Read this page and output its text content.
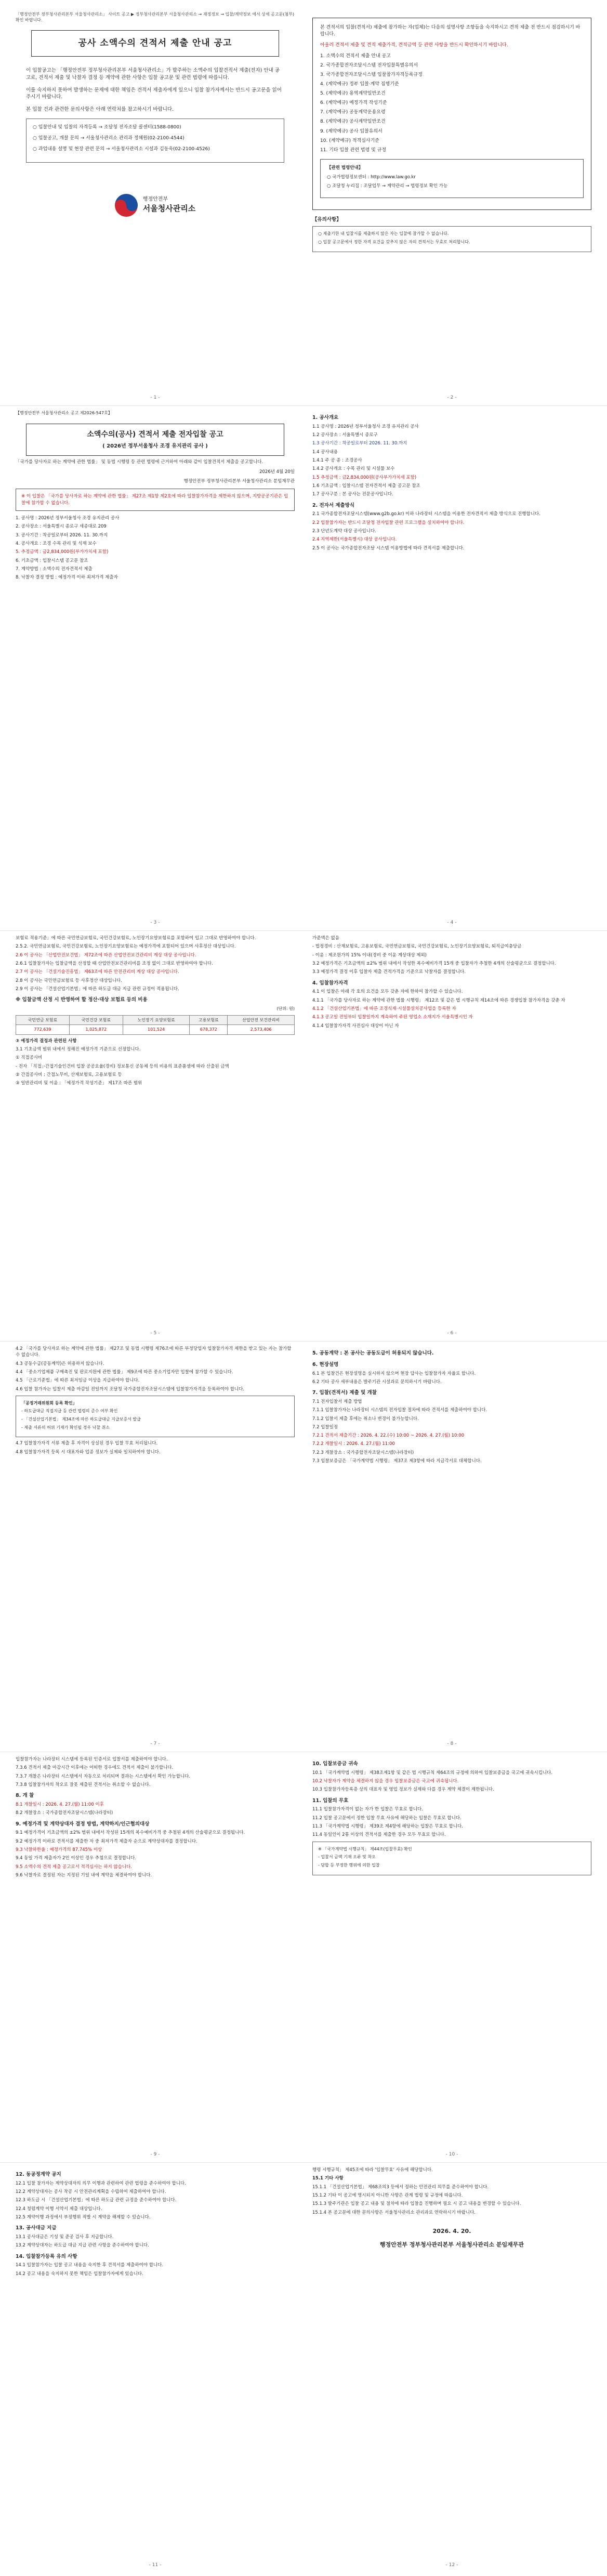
「행정안전부 정부청사관리본부 서울청사관리소」 사이트 공고 ▶ 정부청사관리본부 서울청사관리소 → 재정정보 → 입찰/계약정보 에서 상세 공고문(첨부) 확인 바랍니다.
공사 소액수의 견적서 제출 안내 공고

이 입찰공고는 「행정안전부 정부청사관리본부 서울청사관리소」가 발주하는 소액수의 입찰견적서 제출(전자) 안내 공고로, 견적서 제출 및 낙찰자 결정 등 계약에 관한 사항은 입찰 공고문 및 관련 법령에 따릅니다.

이를 숙지하지 못하여 발생하는 문제에 대한 책임은 견적서 제출자에게 있으니 입찰 참가자께서는 반드시 공고문을 읽어 주시기 바랍니다.

본 입찰 건과 관련한 문의사항은 아래 연락처를 참고하시기 바랍니다.

○ 입찰안내 및 입찰의 자격등록 → 조달청 전자조달 콜센터(1588-0800)
○ 입찰공고, 개찰 문의 → 서울청사관리소 관리과 정혜원(02-2100-4544)
○ 과업내용 설명 및 현장 관련 문의 → 서울청사관리소 시설과 김동욱(02-2100-4526)
행정안전부
서울청사관리소
- 1 -

본 견적서의 입찰(견적서) 제출에 참가하는 자(업체)는 다음의 설명사항 조항들을 숙지하시고 견적 제출 전 반드시 점검하시기 바랍니다.

아울러 견적서 제출 및 견적 제출가격, 견적금액 등 관련 사항을 반드시 확인하시기 바랍니다.

1. 소액수의 견적서 제출 안내 공고
2. 국가종합전자조달시스템 전자입찰특별유의서
3. 국가종합전자조달시스템 입찰참가자격등록규정
4. (계약예규) 정부 입찰·계약 집행기준
5. (계약예규) 용역계약일반조건
6. (계약예규) 예정가격 작성기준
7. (계약예규) 공동계약운용요령
8. (계약예규) 공사계약일반조건
9. (계약예규) 공사 입찰유의서
10. (계약예규) 적격심사기준
11. 기타 입찰 관련 법령 및 규정
【관련 법령안내】

○ 국가법령정보센터 : http://www.law.go.kr

○ 조달청 누리집 : 조달업무 → 계약관리 → 법령정보 확인 가능

【유의사항】

○ 제출기한 내 입찰서를 제출하지 않은 자는 입찰에 참가할 수 없습니다.

○ 입찰 공고문에서 정한 자격 요건을 갖추지 않은 자의 견적서는 무효로 처리합니다.

- 2 -
【행정안전부 서울청사관리소 공고 제2026-547호】
소액수의(공사) 견적서 제출 전자입찰 공고
( 2026년 정부서울청사 조경 유지관리 공사 )

「국가를 당사자로 하는 계약에 관한 법률」 및 동법 시행령 등 관련 법령에 근거하여 아래와 같이 입찰견적서 제출을 공고합니다.

2026년 4월 20일

행정안전부 정부청사관리본부 서울청사관리소 분임재무관

※ 이 입찰은 「국가를 당사자로 하는 계약에 관한 법률」 제27조 제1항 제2호에 따라 입찰참가자격을 제한하지 않으며, 지방공공기관은 입찰에 참가할 수 없습니다.

1. 공사명 : 2026년 정부서울청사 조경 유지관리 공사

2. 공사장소 : 서울특별시 종로구 세종대로 209

3. 공사기간 : 착공일로부터 2026. 11. 30.까지

4. 공사개요 : 조경 수목 관리 및 식재 보수

5. 추정금액 : 금2,834,000원(부가가치세 포함)

6. 기초금액 : 입찰시스템 공고문 참조

7. 계약방법 : 소액수의 전자견적서 제출

8. 낙찰자 결정 방법 : 예정가격 이하 최저가격 제출자

- 3 -
1. 공사개요

1.1 공사명 : 2026년 정부서울청사 조경 유지관리 공사

1.2 공사장소 : 서울특별시 종로구

1.3 공사기간 : 착공일로부터 2026. 11. 30.까지

1.4 공사내용

1.4.1 주 공 종 : 조경공사

1.4.2 공사개요 : 수목 관리 및 시설물 보수

1.5 추정금액 : 금2,834,000원(공사부가가치세 포함)

1.6 기초금액 : 입찰시스템 전자견적서 제출 공고문 참조

1.7 공사구분 : 본 공사는 전문공사입니다.

2. 전자서 제출방식

2.1 국가종합전자조달시스템(www.g2b.go.kr) 이하 나라장터 시스템을 이용한 전자견적서 제출 방식으로 진행합니다.

2.2 입찰참가자는 반드시 조달청 전자입찰 관련 프로그램을 설치하여야 합니다.

2.3 단년도계약 대상 공사입니다.

2.4 지역제한(서울특별시) 대상 공사입니다.

2.5 이 공사는 국가종합전자조달 시스템 이용방법에 따라 견적서를 제출합니다.

- 4 -

보험료 적용기준」에 따른 국민연금보험료, 국민건강보험료, 노인장기요양보험료를 포함하여 입고 그대로 반영하여야 합니다.

2.5.2. 국민연금보험료, 국민건강보험료, 노인장기요양보험료는 예정가격에 포함되어 있으며 사후정산 대상입니다.

2.6 이 공사는 「산업안전보건법」 제72조에 따른 산업안전보건관리비 계상 대상 공사입니다.

2.6.1 입찰참가자는 입찰금액을 산정할 때 산업안전보건관리비를 조정 없이 그대로 반영하여야 합니다.

2.7 이 공사는 「건설기술진흥법」 제63조에 따른 안전관리비 계상 대상 공사입니다.

2.8 이 공사는 국민연금보험료 등 사후정산 대상입니다.

2.9 이 공사는 「건설산업기본법」에 따른 하도급 대금 지급 관련 규정이 적용됩니다.

※ 입찰금액 산정 시 반영하여 할 정산·대상 보험료 등의 비용
(단위: 원)
국민연금 보험료	국민건강 보험료	노인장기 요양보험료	고용보험료	산업안전 보건관리비
772,639	1,025,872	101,524	678,372	2,573,406

③ 예정가격 결정과 관련된 사항

3.1 기초금액 범위 내에서 정해진 예정가격 기준으로 선정합니다.

① 직접공사비

- 전자 「직접」·간접기술인건비 입찰 공공요율(경비) 정보통신 공동체 등의 비용의 표준품셈에 따라 산출된 금액

② 간접공사비 : 간접노무비, 산재보험료, 고용보험료 등

③ 일반관리비 및 이윤 : 「예정가격 작성기준」 제17조 따른 범위

- 5 -

가준액은 없음

- 법정경비 : 산재보험료, 고용보험료, 국민연금보험료, 국민건강보험료, 노인장기요양보험료, 퇴직급여충당금

- 이윤 : 제조원가의 15% 이내(경비 중 이윤 계상대상 제외)

3.2 예정가격은 기초금액의 ±2% 범위 내에서 작성한 복수예비가격 15개 중 입찰자가 추첨한 4개의 산술평균으로 결정합니다.

3.3 예정가격 결정 이후 입찰자 제출 견적가격을 기준으로 낙찰자를 결정합니다.

4. 입찰참가자격

4.1 이 입찰은 아래 각 호의 요건을 모두 갖춘 자에 한하여 참가할 수 있습니다.

4.1.1 「국가를 당사자로 하는 계약에 관한 법률 시행령」 제12조 및 같은 법 시행규칙 제14조에 따른 경쟁입찰 참가자격을 갖춘 자

4.1.2 「건설산업기본법」에 따른 조경식재·시설물설치공사업을 등록한 자

4.1.3 공고일 전일부터 입찰일까지 계속하여 주된 영업소 소재지가 서울특별시인 자

4.1.4 입찰참가자격 사전심사 대상이 아닌 자

- 6 -

4.2 「국가를 당사자로 하는 계약에 관한 법률」 제27조 및 동법 시행령 제76조에 따른 부정당업자 입찰참가자격 제한을 받고 있는 자는 참가할 수 없습니다.

4.3 공동수급(공동계약)은 허용하지 않습니다.

4.4 「중소기업제품 구매촉진 및 판로지원에 관한 법률」 제9조에 따른 중소기업자만 입찰에 참가할 수 있습니다.

4.5 「근로기준법」에 따른 최저임금 이상을 지급하여야 합니다.

4.6 입찰 참가자는 입찰서 제출 마감일 전일까지 조달청 국가종합전자조달시스템에 입찰참가자격을 등록하여야 합니다.

「공정거래위원회 등록 확인」

- 하도급대금 직접지급 등 관련 법령의 준수 여부 확인

- 「건설산업기본법」 제34조에 따른 하도급대금 지급보증서 발급

- 제출 서류의 허위 기재가 확인될 경우 낙찰 취소

4.7 입찰참가자격 서류 제출 후 자격이 상실된 경우 입찰 무효 처리됩니다.

4.8 입찰참가자격 등록 시 대표자와 업종 정보가 실제와 일치하여야 합니다.

- 7 -
5. 공동계약 : 본 공사는 공동도급이 허용되지 않습니다.
6. 현장설명

6.1 본 입찰건은 현장설명을 실시하지 않으며 현장 답사는 입찰참가자 자율로 합니다.

6.2 기타 공사 세부내용은 발주기관 시설과로 문의하시기 바랍니다.

7. 입찰(견적서) 제출 및 개찰

7.1 전자입찰서 제출 방법

7.1.1 입찰참가자는 나라장터 시스템의 전자입찰 절차에 따라 견적서를 제출하여야 합니다.

7.1.2 입찰서 제출 후에는 취소나 변경이 불가능합니다.

7.2 입찰일정

7.2.1 견적서 제출기간 : 2026. 4. 22.(수) 10:00 ~ 2026. 4. 27.(월) 10:00

7.2.2 개찰일시 : 2026. 4. 27.(월) 11:00

7.2.3 개찰장소 : 국가종합전자조달시스템(나라장터)

7.3 입찰보증금은 「국가계약법 시행령」 제37조 제3항에 따라 지급각서로 대체합니다.

- 8 -

입찰참가자는 나라장터 시스템에 등록된 인증서로 입찰서를 제출하여야 합니다.

7.3.6 견적서 제출 마감시간 이후에는 어떠한 경우에도 견적서 제출이 불가합니다.

7.3.7 개찰은 나라장터 시스템에서 자동으로 처리되며 결과는 시스템에서 확인 가능합니다.

7.3.8 입찰참가자의 착오로 잘못 제출된 견적서는 취소할 수 없습니다.

8. 개 찰

8.1 개찰일시 : 2026. 4. 27.(월) 11:00 이후

8.2 개찰장소 : 국가종합전자조달시스템(나라장터)

9. 예정가격 및 계약상대자 결정 방법, 계약하지/인근협의대상

9.1 예정가격이 기초금액의 ±2% 범위 내에서 작성된 15개의 복수예비가격 중 추첨된 4개의 산술평균으로 결정됩니다.

9.2 예정가격 이하로 견적서를 제출한 자 중 최저가격 제출자 순으로 계약상대자를 결정합니다.

9.3 낙찰하한율 : 예정가격의 87.745% 이상

9.4 동일 가격 제출자가 2인 이상인 경우 추첨으로 결정합니다.

9.5 소액수의 견적 제출 공고로서 적격심사는 하지 않습니다.

9.6 낙찰자로 결정된 자는 지정된 기일 내에 계약을 체결하여야 합니다.

- 9 -
10. 입찰보증금 귀속

10.1 「국가계약법 시행령」 제38조제1항 및 같은 법 시행규칙 제64조의 규정에 의하여 입찰보증금을 국고에 귀속시킵니다.

10.2 낙찰자가 계약을 체결하지 않을 경우 입찰보증금은 국고에 귀속됩니다.

10.3 입찰참가자등록증 상의 대표자 및 영업 정보가 실제와 다를 경우 계약 체결이 제한됩니다.

11. 입찰의 무효

11.1 입찰참가자격이 없는 자가 한 입찰은 무효로 합니다.

11.2 입찰 공고문에서 정한 입찰 무효 사유에 해당하는 입찰은 무효로 합니다.

11.3 「국가계약법 시행령」 제39조 제4항에 해당하는 입찰은 무효로 합니다.

11.4 동일인이 2통 이상의 견적서를 제출한 경우 모두 무효로 합니다.

※ 「국가계약법 시행규칙」 제44조(입찰무효) 확인

- 입찰서 금액 기재 오류 및 착오

- 담합 등 부정한 행위에 의한 입찰

- 10 -
12. 동공정계약 공지

12.1 입찰 참가자는 계약상대자의 의무 이행과 관련하여 관련 법령을 준수하여야 합니다.

12.2 계약상대자는 공사 착공 시 안전관리계획을 수립하여 제출하여야 합니다.

12.3 하도급 시 「건설산업기본법」에 따른 하도급 관련 규정을 준수하여야 합니다.

12.4 청렴계약 이행 서약서 제출 대상입니다.

12.5 계약이행 과정에서 부정행위 적발 시 계약을 해제할 수 있습니다.

13. 공사대금 지급

13.1 공사대금은 기성 및 준공 검사 후 지급합니다.

13.2 계약상대자는 하도급 대금 지급 관련 사항을 준수하여야 합니다.

14. 입찰참가등록 유의 사항

14.1 입찰참가자는 입찰 공고 내용을 숙지한 후 견적서를 제출하여야 합니다.

14.2 공고 내용을 숙지하지 못한 책임은 입찰참가자에게 있습니다.

- 11 -

행령 시행규칙」 제45조에 따라 '입찰무효' 사유에 해당합니다.

15.1 기타 사항

15.1.1 「건설산업기본법」 제68조의3 등에서 정하는 안전관리 의무를 준수하여야 합니다.

15.1.2 기타 이 공고에 명시되지 아니한 사항은 관계 법령 및 규정에 따릅니다.

15.1.3 발주기관은 입찰 공고 내용 및 절차에 따라 입찰을 진행하며 필요 시 공고 내용을 변경할 수 있습니다.

15.1.4 본 공고문에 대한 문의사항은 서울청사관리소 관리과로 연락하시기 바랍니다.

2026. 4. 20.
행정안전부 정부청사관리본부 서울청사관리소 분임재무관
- 12 -
